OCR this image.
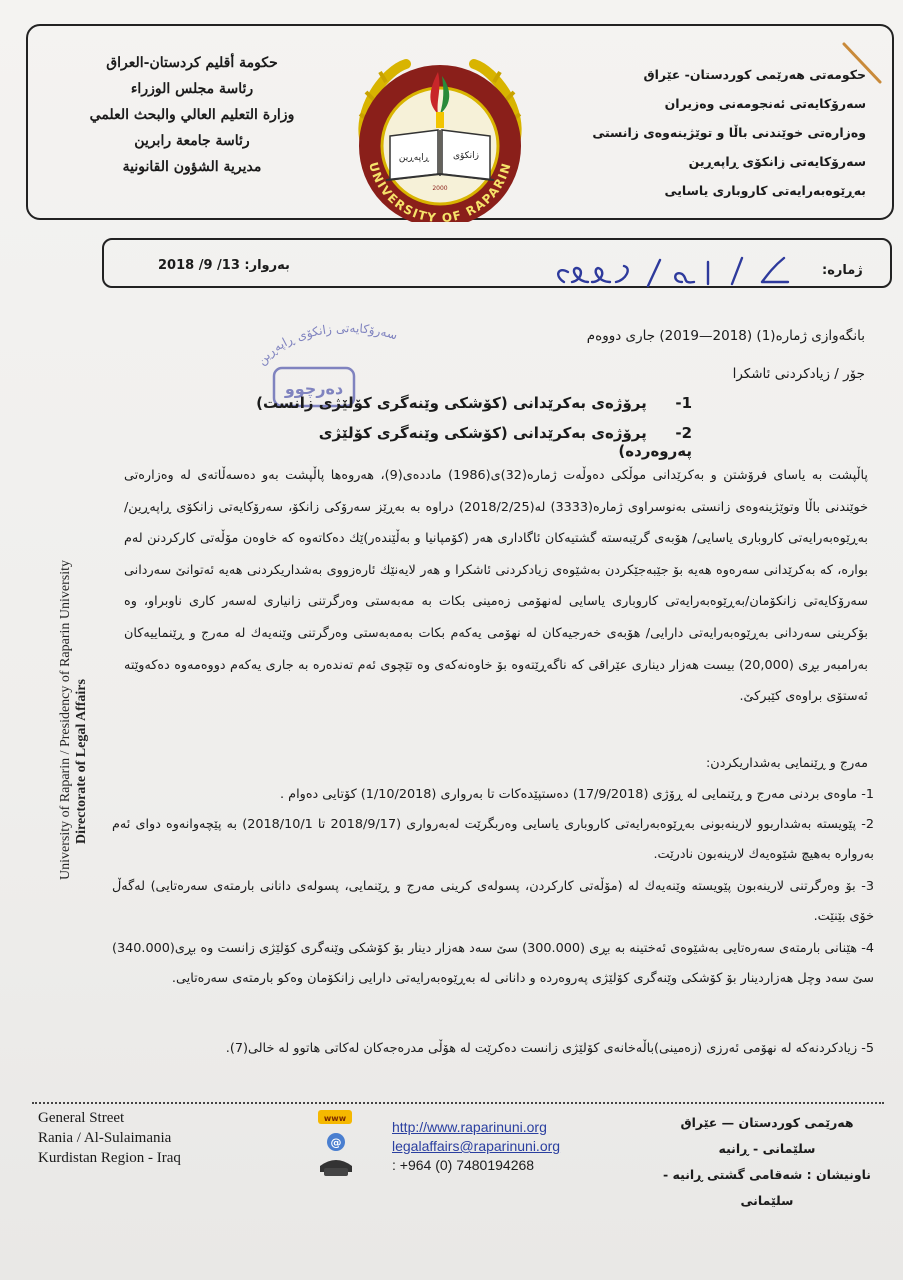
حكومة أقليم كردستان-العراق
رئاسة مجلس الوزراء
وزارة التعليم العالي والبحث العلمي
رئاسة جامعة رابرين
مديرية الشؤون القانونية	UNIVERSITY OF RAPARIN
ڕاپەڕين	زانكۆى
2000
حکومەتی هەرێمی کوردستان- عێراق
سەرۆکایەتی ئەنجومەنی وەزیران
وەزارەتی خوێندنی باڵا و توێژینەوەی زانستی
سەرۆکایەتی زانکۆی ڕاپەڕین
بەڕێوەبەرایەتی کاروباری یاسایی
بەروار: 13/ 9/ 2018	ژمارە:
University of Raparin / Presidency of Raparin University Directorate of Legal Affairs
سەرۆكايەتى زانكۆى ڕاپەڕين
دەرچوو
بانگەوازی ژمارە(1) (2018—2019) جاری دووەم
جۆر / زیادکردنی ئاشکرا
1- پرۆژەی بەكرێدانی (كۆشكی وێنەگری كۆلێژی زانست)
2- پرۆژەی بەكرێدانی (كۆشكی وێنەگری كۆلێژی پەروەردە)
پاڵپشت بە یاسای فرۆشتن و بەکرێدانی موڵکی دەوڵەت ژمارە(32)ی(1986) ماددەی(9)، هەروەها پاڵپشت بەو دەسەڵاتەی لە وەزارەتی خوێندنی باڵا وتوێژینەوەی زانستی بەنوسراوی ژمارە(3333) لە(2018/2/25) دراوە بە بەڕێز سەرۆکی زانکۆ، سەرۆکایەتی زانکۆی ڕاپەڕین/ بەڕێوەبەرایەتی کاروباری یاسایی/ هۆبەی گرێبەستە گشتیەکان ئاگاداری هەر (کۆمپانیا و بەڵێندەر)ێك دەکاتەوە کە خاوەن مۆڵەتی کارکردنن لەم بوارە، کە بەکرێدانی سەرەوە هەیە بۆ جێبەجێکردن بەشێوەی زیادکردنی ئاشکرا و هەر لایەنێك ئارەزووی بەشداریکردنی هەیە ئەتوانێ سەردانی سەرۆکایەتی زانکۆمان/بەڕێوەبەرایەتی کاروباری یاسایی لەنهۆمی زەمینی بکات بە مەبەستی وەرگرتنی زانیاری لەسەر کاری ناوبراو، وە بۆکرینی سەردانی بەڕێوەبەرایەتی دارایی/ هۆبەی خەرجیەکان لە نهۆمی یەکەم بکات بەمەبەستی وەرگرتنی وێنەیەك لە مەرج و ڕێنماییەکان بەرامبەر بڕی (20,000) بیست هەزار دیناری عێراقی کە ناگەڕێتەوە بۆ خاوەنەکەی وە تێچوی ئەم تەندەرە بە جاری یەکەم دووەمەوە دەکەوێتە ئەستۆی براوەی کێبرکێ.
مەرج و ڕێنمایی بەشداریکردن:
1- ماوەی بردنی مەرج و ڕێنمایی لە ڕۆژی (17/9/2018) دەستپێدەکات تا بەرواری (1/10/2018) کۆتایی دەوام .
2- پێویستە بەشداربوو لارینەبونی بەڕێوەبەرایەتی کاروباری یاسایی وەربگرێت لەبەرواری (2018/9/17 تا 2018/10/1) بە پێچەوانەوە دوای ئەم بەروارە بەهیچ شێوەیەك لارینەبون نادرێت.
3- بۆ وەرگرتنی لارینەبون پێویستە وێنەیەك لە (مۆڵەتی کارکردن، پسولەی کرینی مەرج و ڕێنمایی، پسولەی دانانی بارمتەی سەرەتایی) لەگەڵ خۆی بێنێت.
4- هێنانی بارمتەی سەرەتایی بەشێوەی ئەختینە بە بڕی (300.000) سێ سەد هەزار دینار بۆ كۆشكی وێنەگری كۆلێژی زانست وە بڕی(340.000) سێ سەد وچل هەزاردینار بۆ كۆشكی وێنەگری كۆلێژی پەروەردە و دانانی لە بەڕێوەبەرایەتی دارایی زانكۆمان وەكو بارمتەی سەرەتایی.
5- زیادکردنەکە لە نهۆمی ئەرزی (زەمینی)باڵەخانەی کۆلێژی زانست دەکرێت لە هۆڵی مدرەجەکان لەکاتی هاتوو لە خالی(7).
General Street
Rania / Al-Sulaimania
Kurdistan Region - Iraq
www
@
http://www.raparinuni.org
legalaffairs@raparinuni.org
: +964 (0) 7480194268
هەرێمی کوردستان — عێراق
سلێمانی - ڕانیە
ناونیشان : شەقامی گشتی ڕانیە - سلێمانی
